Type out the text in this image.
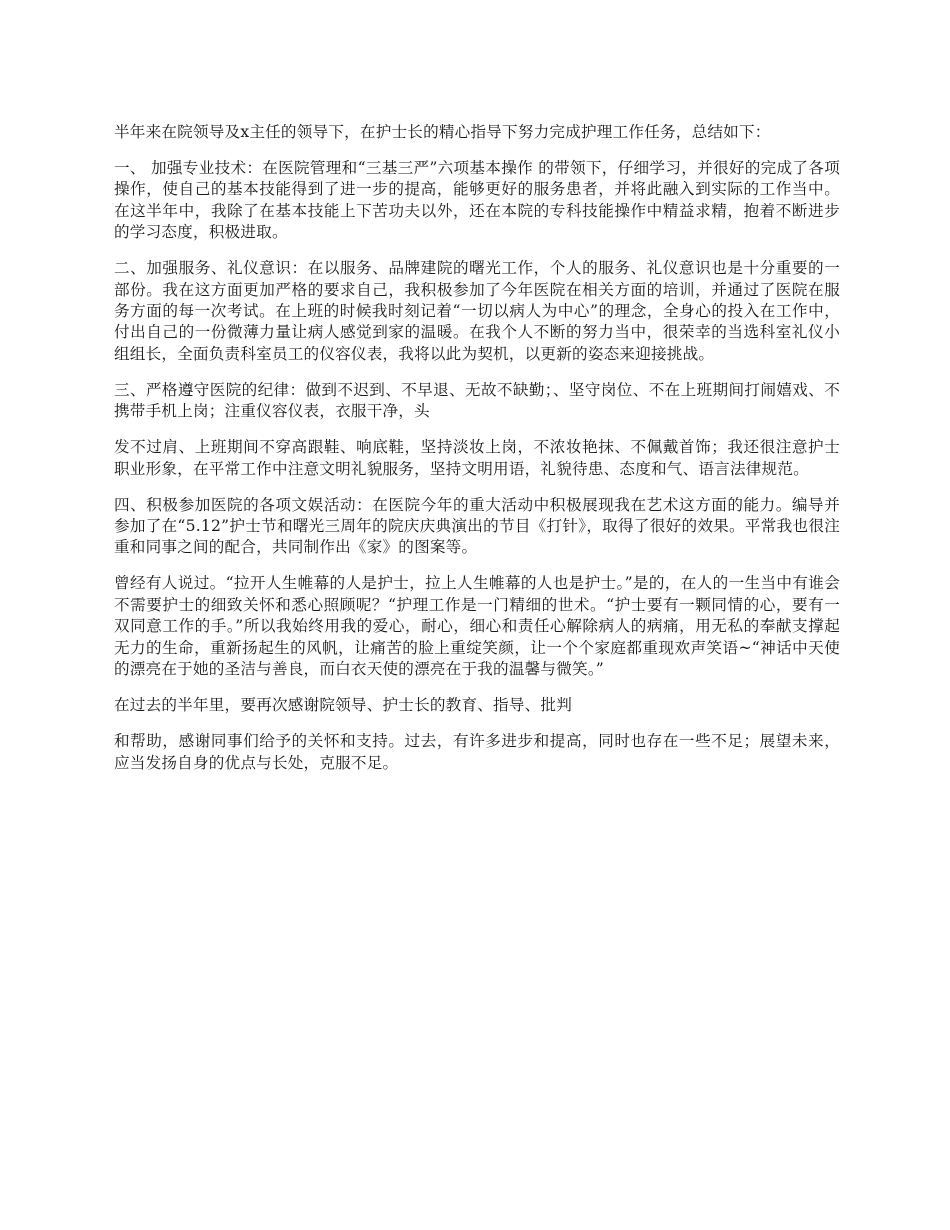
半年来在院领导及x主任的领导下，在护士长的精心指导下努力完成护理工作任务，总结如下：

一、 加强专业技术：在医院管理和“三基三严”六项基本操作 的带领下，仔细学习，并很好的完成了各项操作，使自己的基本技能得到了进一步的提高，能够更好的服务患者，并将此融入到实际的工作当中。在这半年中，我除了在基本技能上下苦功夫以外，还在本院的专科技能操作中精益求精，抱着不断进步的学习态度，积极进取。

二、加强服务、礼仪意识：在以服务、品牌建院的曙光工作，个人的服务、礼仪意识也是十分重要的一部份。我在这方面更加严格的要求自己，我积极参加了今年医院在相关方面的培训，并通过了医院在服务方面的每一次考试。在上班的时候我时刻记着“一切以病人为中心”的理念，全身心的投入在工作中，付出自己的一份微薄力量让病人感觉到家的温暖。在我个人不断的努力当中，很荣幸的当选科室礼仪小组组长，全面负责科室员工的仪容仪表，我将以此为契机，以更新的姿态来迎接挑战。

三、严格遵守医院的纪律：做到不迟到、不早退、无故不缺勤；、坚守岗位、不在上班期间打闹嬉戏、不携带手机上岗；注重仪容仪表，衣服干净，头

发不过肩、上班期间不穿高跟鞋、响底鞋，坚持淡妆上岗，不浓妆艳抹、不佩戴首饰；我还很注意护士职业形象，在平常工作中注意文明礼貌服务，坚持文明用语，礼貌待患、态度和气、语言法律规范。

四、积极参加医院的各项文娱活动：在医院今年的重大活动中积极展现我在艺术这方面的能力。编导并参加了在“5.12”护士节和曙光三周年的院庆庆典演出的节目《打针》，取得了很好的效果。平常我也很注重和同事之间的配合，共同制作出《家》的图案等。

曾经有人说过。“拉开人生帷幕的人是护士，拉上人生帷幕的人也是护士。”是的，在人的一生当中有谁会不需要护士的细致关怀和悉心照顾呢？“护理工作是一门精细的世术。“护士要有一颗同情的心，要有一双同意工作的手。”所以我始终用我的爱心，耐心，细心和责任心解除病人的病痛，用无私的奉献支撑起无力的生命，重新扬起生的风帆，让痛苦的脸上重绽笑颜，让一个个家庭都重现欢声笑语~“神话中天使的漂亮在于她的圣洁与善良，而白衣天使的漂亮在于我的温馨与微笑。”

在过去的半年里，要再次感谢院领导、护士长的教育、指导、批判

和帮助，感谢同事们给予的关怀和支持。过去，有许多进步和提高，同时也存在一些不足；展望未来，应当发扬自身的优点与长处，克服不足。
